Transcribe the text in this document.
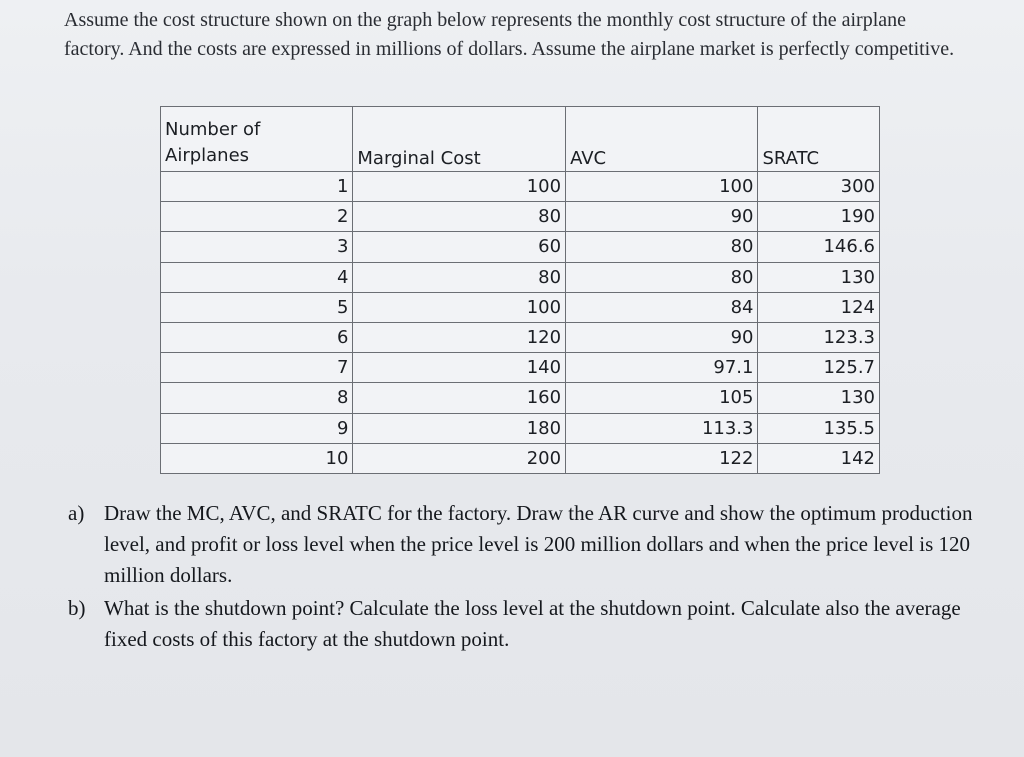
Assume the cost structure shown on the graph below represents the monthly cost structure of the airplane factory. And the costs are expressed in millions of dollars. Assume the airplane market is perfectly competitive.

Number of Airplanes	Marginal Cost	AVC	SRATC
1	100	100	300
2	80	90	190
3	60	80	146.6
4	80	80	130
5	100	84	124
6	120	90	123.3
7	140	97.1	125.7
8	160	105	130
9	180	113.3	135.5
10	200	122	142
a) Draw the MC, AVC, and SRATC for the factory. Draw the AR curve and show the optimum production level, and profit or loss level when the price level is 200 million dollars and when the price level is 120 million dollars.
b) What is the shutdown point? Calculate the loss level at the shutdown point. Calculate also the average fixed costs of this factory at the shutdown point.
